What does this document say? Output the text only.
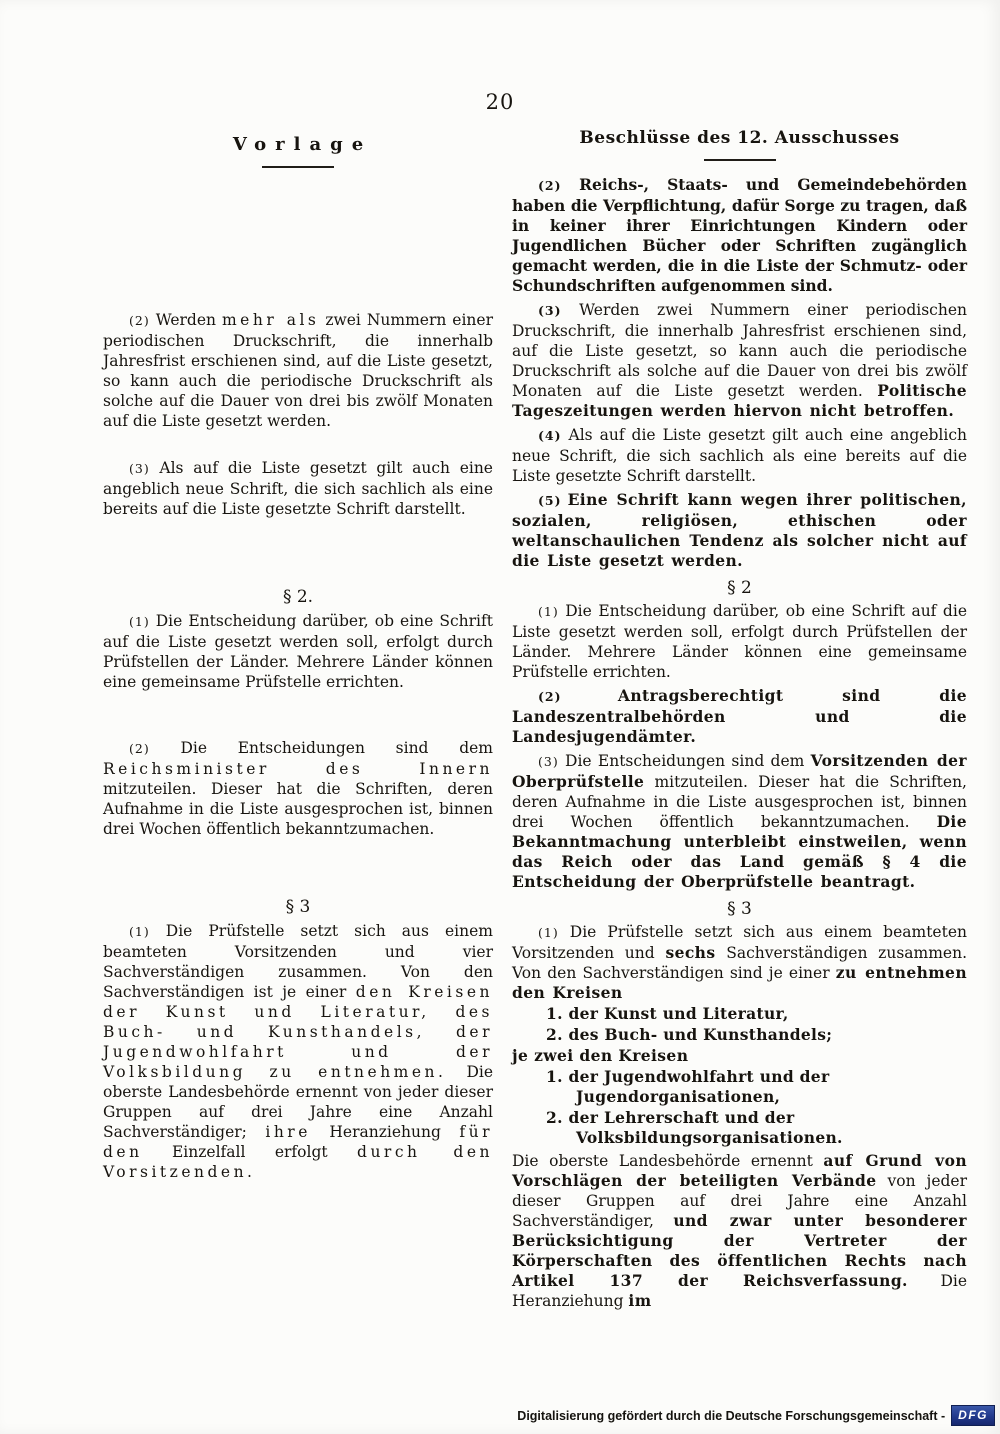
20
Vorlage

(2) Werden mehr als zwei Nummern einer periodischen Druckschrift, die innerhalb Jahresfrist erschienen sind, auf die Liste gesetzt, so kann auch die periodische Druckschrift als solche auf die Dauer von drei bis zwölf Monaten auf die Liste gesetzt werden.

(3) Als auf die Liste gesetzt gilt auch eine angeblich neue Schrift, die sich sachlich als eine bereits auf die Liste gesetzte Schrift darstellt.

§ 2.

(1) Die Entscheidung darüber, ob eine Schrift auf die Liste gesetzt werden soll, erfolgt durch Prüfstellen der Länder. Mehrere Länder können eine gemeinsame Prüfstelle errichten.

(2) Die Entscheidungen sind dem Reichsminister des Innern mitzuteilen. Dieser hat die Schriften, deren Aufnahme in die Liste ausgesprochen ist, binnen drei Wochen öffentlich bekanntzumachen.

§ 3

(1) Die Prüfstelle setzt sich aus einem beamteten Vorsitzenden und vier Sachverständigen zusammen. Von den Sachverständigen ist je einer den Kreisen der Kunst und Literatur, des Buch- und Kunsthandels, der Jugendwohlfahrt und der Volksbildung zu entnehmen. Die oberste Landesbehörde ernennt von jeder dieser Gruppen auf drei Jahre eine Anzahl Sachverständiger; ihre Heranziehung für den Einzelfall erfolgt durch den Vorsitzenden.

Beschlüsse des 12. Ausschusses

(2) Reichs-, Staats- und Gemeindebehörden haben die Verpflichtung, dafür Sorge zu tragen, daß in keiner ihrer Einrichtungen Kindern oder Jugendlichen Bücher oder Schriften zugänglich gemacht werden, die in die Liste der Schmutz- oder Schundschriften aufgenommen sind.

(3) Werden zwei Nummern einer periodischen Druckschrift, die innerhalb Jahresfrist erschienen sind, auf die Liste gesetzt, so kann auch die periodische Druckschrift als solche auf die Dauer von drei bis zwölf Monaten auf die Liste gesetzt werden. Politische Tageszeitungen werden hiervon nicht betroffen.

(4) Als auf die Liste gesetzt gilt auch eine angeblich neue Schrift, die sich sachlich als eine bereits auf die Liste gesetzte Schrift darstellt.

(5) Eine Schrift kann wegen ihrer politischen, sozialen, religiösen, ethischen oder weltanschaulichen Tendenz als solcher nicht auf die Liste gesetzt werden.

§ 2

(1) Die Entscheidung darüber, ob eine Schrift auf die Liste gesetzt werden soll, erfolgt durch Prüfstellen der Länder. Mehrere Länder können eine gemeinsame Prüfstelle errichten.

(2)	Antragsberechtigt sind die Landeszentralbehörden und die Landesjugendämter.

(3) Die Entscheidungen sind dem Vorsitzenden der Oberprüfstelle mitzuteilen. Dieser hat die Schriften, deren Aufnahme in die Liste ausgesprochen ist, binnen drei Wochen öffentlich bekanntzumachen. Die Bekanntmachung unterbleibt einstweilen, wenn das Reich oder das Land gemäß § 4 die Entscheidung der Oberprüfstelle beantragt.

§ 3

(1) Die Prüfstelle setzt sich aus einem beamteten Vorsitzenden und sechs Sachverständigen zusammen. Von den Sachverständigen sind je einer zu entnehmen den Kreisen

1. der Kunst und Literatur,

2. des Buch- und Kunsthandels;

je zwei den Kreisen

1. der Jugendwohlfahrt und der Jugendorganisationen,

2. der Lehrerschaft und der Volksbildungsorganisationen.

Die oberste Landesbehörde ernennt auf Grund von Vorschlägen der beteiligten Verbände von jeder dieser Gruppen auf drei Jahre eine Anzahl Sachverständiger, und zwar unter besonderer Berücksichtigung der Vertreter der Körperschaften des öffentlichen Rechts nach Artikel 137 der Reichsverfassung. Die Heranziehung im

Digitalisierung gefördert durch die Deutsche Forschungsgemeinschaft -	DFG
